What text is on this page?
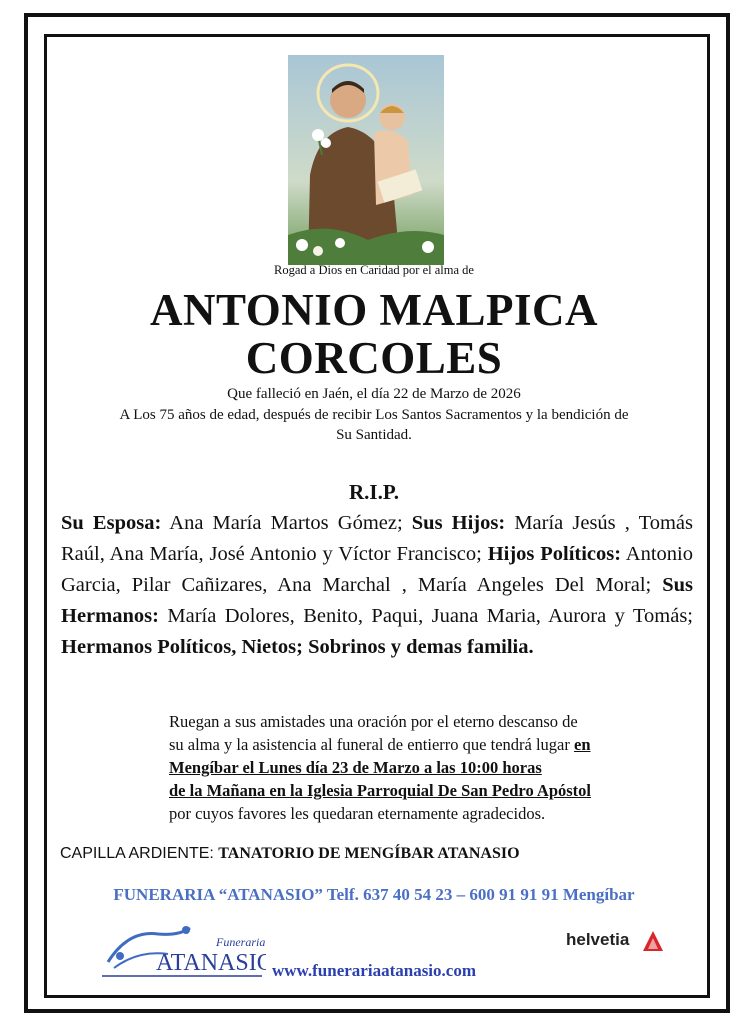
Rogad a Dios en Caridad por el alma de
ANTONIO MALPICA
CORCOLES
Que falleció en Jaén, el día 22 de Marzo de 2026
A Los 75 años de edad, después de recibir Los Santos Sacramentos y la bendición de
Su Santidad.
R.I.P.
Su Esposa: Ana María Martos Gómez; Sus Hijos: María Jesús , Tomás Raúl, Ana María, José Antonio y Víctor Francisco; Hijos Políticos: Antonio Garcia, Pilar Cañizares, Ana Marchal , María Angeles Del Moral; Sus Hermanos: María Dolores, Benito, Paqui, Juana Maria, Aurora y Tomás; Hermanos Políticos, Nietos; Sobrinos y demas familia.
Ruegan a sus amistades una oración por el eterno descanso de
su alma y la asistencia al funeral de entierro que tendrá lugar en
Mengíbar el Lunes día 23 de Marzo a las 10:00 horas
de la Mañana en la Iglesia Parroquial De San Pedro Apóstol
por cuyos favores les quedaran eternamente agradecidos.
CAPILLA ARDIENTE: TANATORIO DE MENGÍBAR ATANASIO
FUNERARIA “ATANASIO” Telf. 637 40 54 23 – 600 91 91 91 Mengíbar
Funeraria
ATANASIO
helvetia
www.funerariaatanasio.com
